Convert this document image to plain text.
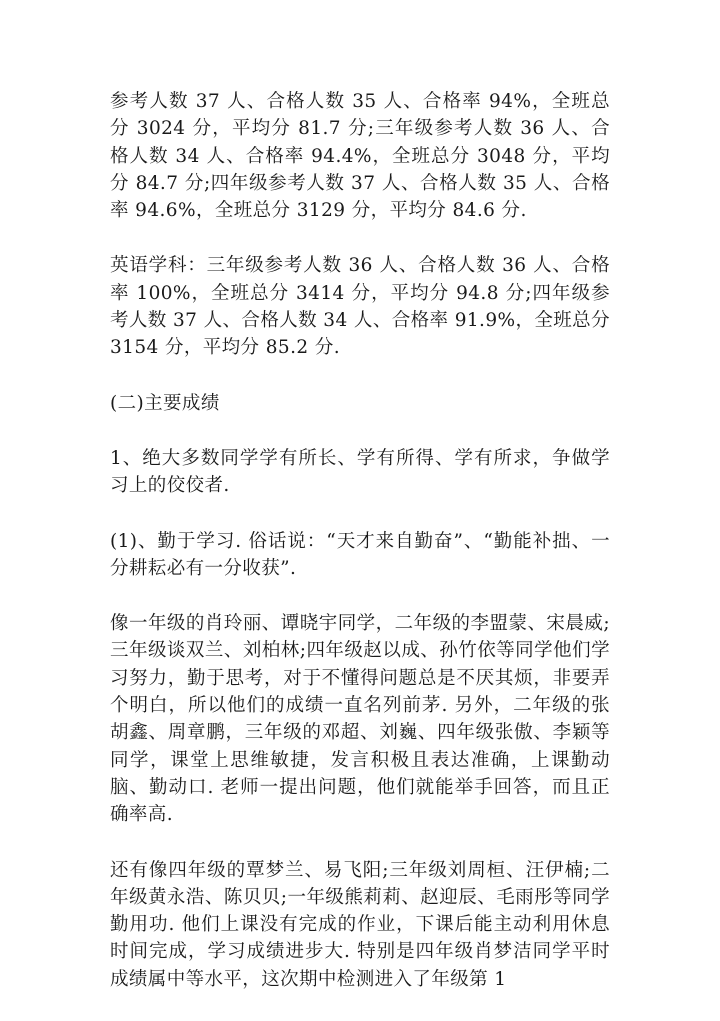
参考人数 37 人、合格人数 35 人、合格率 94%，全班总分 3024 分，平均分 81.7 分;三年级参考人数 36 人、合格人数 34 人、合格率 94.4%，全班总分 3048 分，平均分 84.7 分;四年级参考人数 37 人、合格人数 35 人、合格率 94.6%，全班总分 3129 分，平均分 84.6 分.

英语学科：三年级参考人数 36 人、合格人数 36 人、合格率 100%，全班总分 3414 分，平均分 94.8 分;四年级参考人数 37 人、合格人数 34 人、合格率 91.9%，全班总分 3154 分，平均分 85.2 分.

(二)主要成绩

1、绝大多数同学学有所长、学有所得、学有所求，争做学习上的佼佼者.

(1)、勤于学习. 俗话说：“天才来自勤奋”、“勤能补拙、一分耕耘必有一分收获”.

像一年级的肖玲丽、谭晓宇同学，二年级的李盟蒙、宋晨威;三年级谈双兰、刘柏林;四年级赵以成、孙竹依等同学他们学习努力，勤于思考，对于不懂得问题总是不厌其烦，非要弄个明白，所以他们的成绩一直名列前茅. 另外，二年级的张胡鑫、周章鹏，三年级的邓超、刘巍、四年级张傲、李颖等同学，课堂上思维敏捷，发言积极且表达准确，上课勤动脑、勤动口. 老师一提出问题，他们就能举手回答，而且正确率高.

还有像四年级的覃梦兰、易飞阳;三年级刘周桓、汪伊楠;二年级黄永浩、陈贝贝;一年级熊莉莉、赵迎辰、毛雨彤等同学勤用功. 他们上课没有完成的作业，下课后能主动利用休息时间完成，学习成绩进步大. 特别是四年级肖梦洁同学平时成绩属中等水平，这次期中检测进入了年级第 1
